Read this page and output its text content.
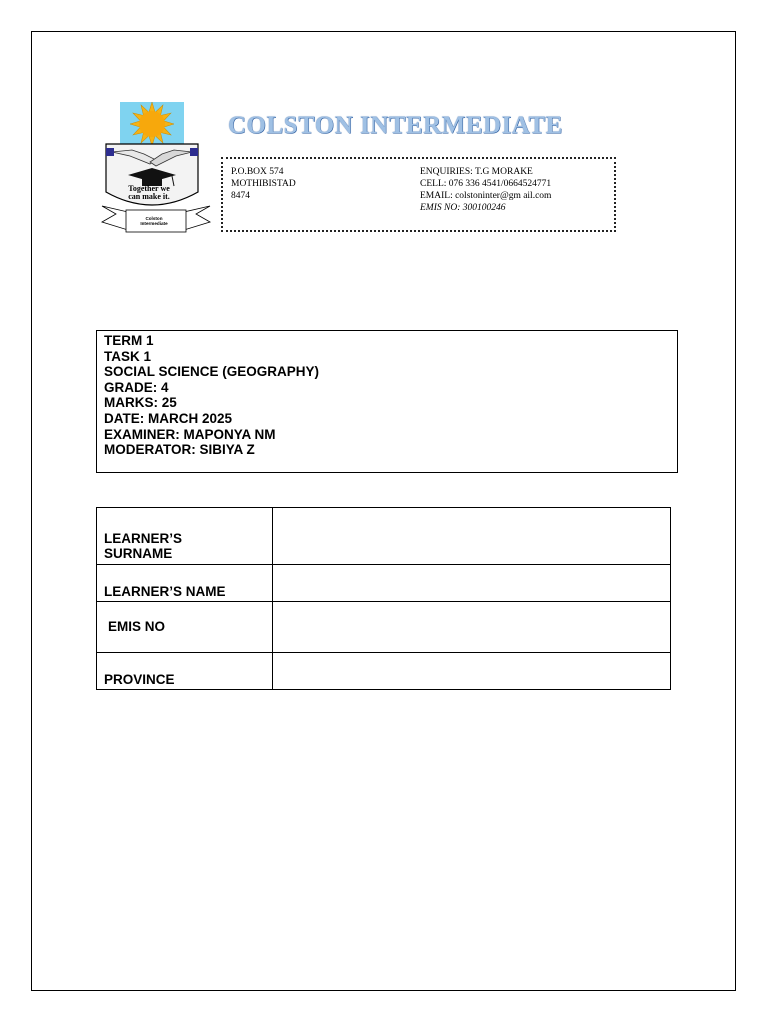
Together we
can make it.
Colston
Intermediate
COLSTON INTERMEDIATE
P.O.BOX 574
MOTHIBISTAD
8474
ENQUIRIES: T.G MORAKE
CELL: 076 336 4541/0664524771
EMAIL: colstoninter@gm ail.com
EMIS NO: 300100246
TERM 1
TASK 1
SOCIAL SCIENCE (GEOGRAPHY)
GRADE: 4
MARKS: 25
DATE: MARCH 2025
EXAMINER: MAPONYA NM
MODERATOR: SIBIYA Z
LEARNER’S
SURNAME	
LEARNER’S NAME	
EMIS NO	
PROVINCE	
